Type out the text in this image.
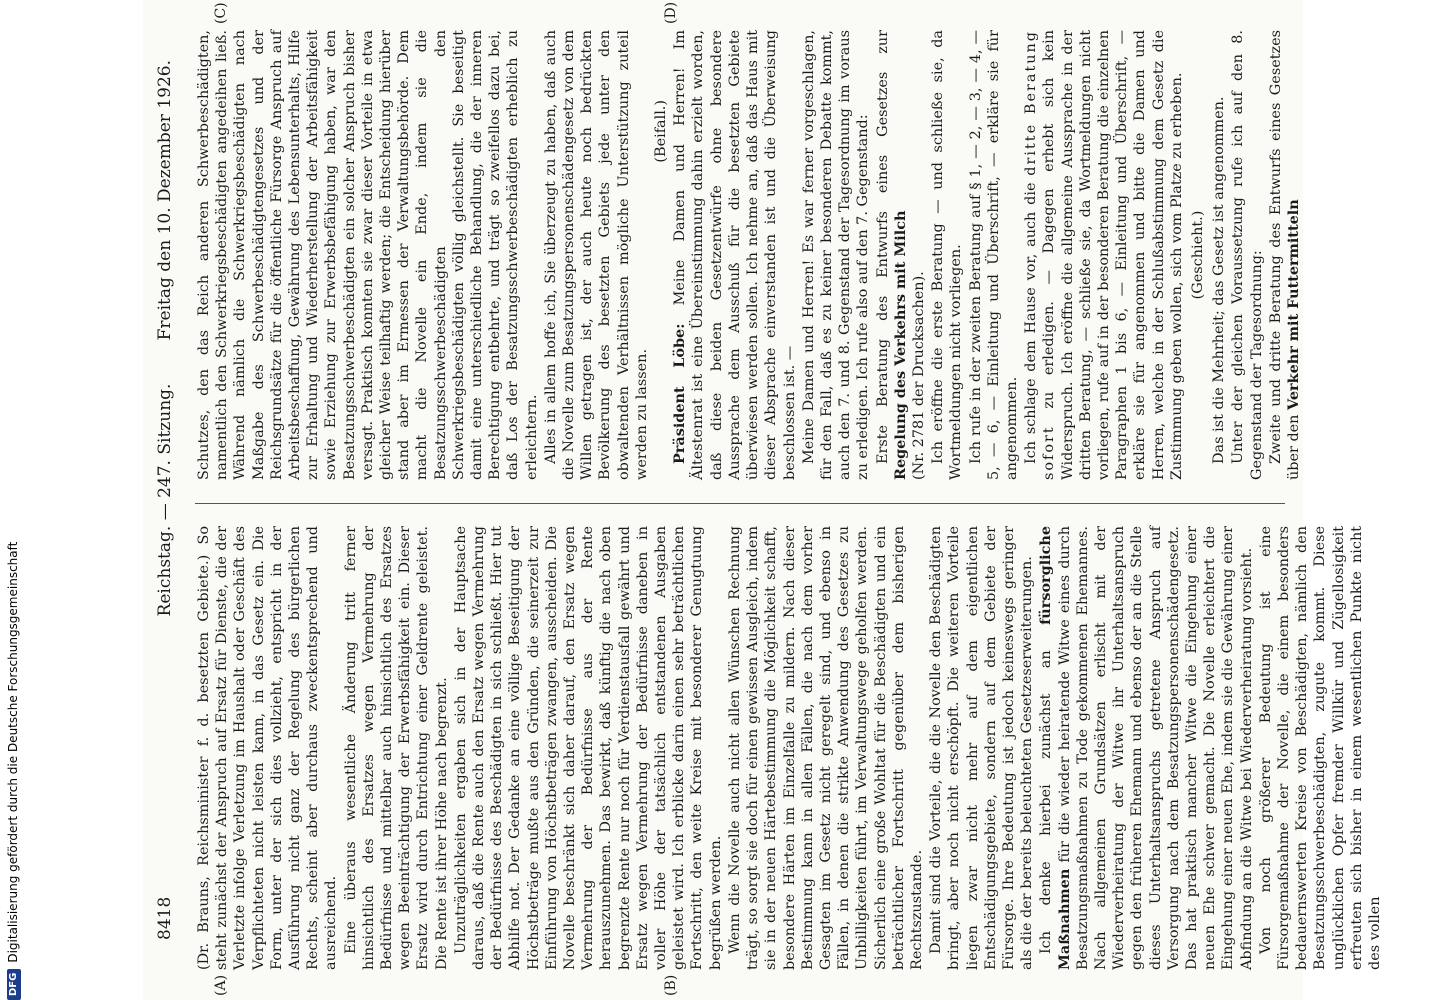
8418
Reichstag. — 247. Sitzung.
Freitag den 10. Dezember 1926.
(A)	(B)
(C)	(D)

(Dr. Brauns, Reichsminister f. d. besetzten Gebiete.) So steht zunächst der Anspruch auf Ersatz für Dienste, die der Verletzte infolge Verletzung im Haushalt oder Geschäft des Verpflichteten nicht leisten kann, in das Gesetz ein. Die Form, unter der sich dies vollzieht, entspricht in der Ausführung nicht ganz der Regelung des bürgerlichen Rechts, scheint aber durchaus zweckentsprechend und ausreichend. Eine überaus wesentliche Änderung tritt ferner hinsichtlich des Ersatzes wegen Vermehrung der Bedürfnisse und mittelbar auch hinsichtlich des Ersatzes wegen Beeinträchtigung der Erwerbsfähigkeit ein. Dieser Ersatz wird durch Entrichtung einer Geldrente geleistet. Die Rente ist ihrer Höhe nach begrenzt. Unzuträglichkeiten ergaben sich in der Hauptsache daraus, daß die Rente auch den Ersatz wegen Vermehrung der Bedürfnisse des Beschädigten in sich schließt. Hier tut Abhilfe not. Der Gedanke an eine völlige Beseitigung der Höchstbeträge mußte aus den Gründen, die seinerzeit zur Einführung von Höchstbeträgen zwangen, ausscheiden. Die Novelle beschränkt sich daher darauf, den Ersatz wegen Vermehrung der Bedürfnisse aus der Rente herauszunehmen. Das bewirkt, daß künftig die nach oben begrenzte Rente nur noch für Verdienstausfall gewährt und Ersatz wegen Vermehrung der Bedürfnisse daneben in voller Höhe der tatsächlich entstandenen Ausgaben geleistet wird. Ich erblicke darin einen sehr beträchtlichen Fortschritt, den weite Kreise mit besonderer Genugtuung begrüßen werden. Wenn die Novelle auch nicht allen Wünschen Rechnung trägt, so sorgt sie doch für einen gewissen Ausgleich, indem sie in der neuen Härtebestimmung die Möglichkeit schafft, besondere Härten im Einzelfalle zu mildern. Nach dieser Bestimmung kann in allen Fällen, die nach dem vorher Gesagten im Gesetz nicht geregelt sind, und ebenso in Fällen, in denen die strikte Anwendung des Gesetzes zu Unbilligkeiten führt, im Verwaltungswege geholfen werden. Sicherlich eine große Wohltat für die Beschädigten und ein beträchtlicher Fortschritt gegenüber dem bisherigen Rechtszustande. Damit sind die Vorteile, die die Novelle den Beschädigten bringt, aber noch nicht erschöpft. Die weiteren Vorteile liegen zwar nicht mehr auf dem eigentlichen Entschädigungsgebiete, sondern auf dem Gebiete der Fürsorge. Ihre Bedeutung ist jedoch keineswegs geringer als die der bereits beleuchteten Gesetzeserweiterungen. Ich denke hierbei zunächst an fürsorgliche Maßnahmen für die wieder heiratende Witwe eines durch Besatzungsmaßnahmen zu Tode gekommenen Ehemannes. Nach allgemeinen Grundsätzen erlischt mit der Wiederverheiratung der Witwe ihr Unterhaltsanspruch gegen den früheren Ehemann und ebenso der an die Stelle dieses Unterhaltsanspruchs getretene Anspruch auf Versorgung nach dem Besatzungspersonenschädengesetz. Das hat praktisch mancher Witwe die Eingehung einer neuen Ehe schwer gemacht. Die Novelle erleichtert die Eingehung einer neuen Ehe, indem sie die Gewährung einer Abfindung an die Witwe bei Wiederverheiratung vorsieht. Von noch größerer Bedeutung ist eine Fürsorgemaßnahme der Novelle, die einem besonders bedauernswerten Kreise von Beschädigten, nämlich den Besatzungsschwerbeschädigten, zugute kommt. Diese unglücklichen Opfer fremder Willkür und Zügellosigkeit erfreuten sich bisher in einem wesentlichen Punkte nicht des vollen

Schutzes, den das Reich anderen Schwerbeschädigten, namentlich den Schwerkriegsbeschädigten angedeihen ließ. Während nämlich die Schwerkriegsbeschädigten nach Maßgabe des Schwerbeschädigtengesetzes und der Reichsgrundsätze für die öffentliche Fürsorge Anspruch auf Arbeitsbeschaffung, Gewährung des Lebensunterhalts, Hilfe zur Erhaltung und Wiederherstellung der Arbeitsfähigkeit sowie Erziehung zur Erwerbsbefähigung haben, war den Besatzungsschwerbeschädigten ein solcher Anspruch bisher versagt. Praktisch konnten sie zwar dieser Vorteile in etwa gleicher Weise teilhaftig werden; die Entscheidung hierüber stand aber im Ermessen der Verwaltungsbehörde. Dem macht die Novelle ein Ende, indem sie die Besatzungsschwerbeschädigten den Schwerkriegsbeschädigten völlig gleichstellt. Sie beseitigt damit eine unterschiedliche Behandlung, die der inneren Berechtigung entbehrte, und trägt so zweifellos dazu bei, daß Los der Besatzungsschwerbeschädigten erheblich zu erleichtern. Alles in allem hoffe ich, Sie überzeugt zu haben, daß auch die Novelle zum Besatzungspersonenschädengesetz von dem Willen getragen ist, der auch heute noch bedrückten Bevölkerung des besetzten Gebiets jede unter den obwaltenden Verhältnissen mögliche Unterstützung zuteil werden zu lassen.

(Beifall.)

Präsident Löbe: Meine Damen und Herren! Im Ältestenrat ist eine Übereinstimmung dahin erzielt worden, daß diese beiden Gesetzentwürfe ohne besondere Aussprache dem Ausschuß für die besetzten Gebiete überwiesen werden sollen. Ich nehme an, daß das Haus mit dieser Absprache einverstanden ist und die Überweisung beschlossen ist. — Meine Damen und Herren! Es war ferner vorgeschlagen, für den Fall, daß es zu keiner besonderen Debatte kommt, auch den 7. und 8. Gegenstand der Tagesordnung im voraus zu erledigen. Ich rufe also auf den 7. Gegenstand: Erste Beratung des Entwurfs eines Gesetzes zur Regelung des Verkehrs mit Milch (Nr. 2781 der Drucksachen). Ich eröffne die erste Beratung — und schließe sie, da Wortmeldungen nicht vorliegen. Ich rufe in der zweiten Beratung auf § 1, — 2, — 3, — 4, — 5, — 6, — Einleitung und Überschrift, — erkläre sie für angenommen. Ich schlage dem Hause vor, auch die dritte Beratung sofort zu erledigen. — Dagegen erhebt sich kein Widerspruch. Ich eröffne die allgemeine Aussprache in der dritten Beratung, — schließe sie, da Wortmeldungen nicht vorliegen, rufe auf in der besonderen Beratung die einzelnen Paragraphen 1 bis 6, — Einleitung und Überschrift, — erkläre sie für angenommen und bitte die Damen und Herren, welche in der Schlußabstimmung dem Gesetz die Zustimmung geben wollen, sich vom Platze zu erheben. (Geschieht.) Das ist die Mehrheit; das Gesetz ist angenommen. Unter der gleichen Voraussetzung rufe ich auf den 8. Gegenstand der Tagesordnung: Zweite und dritte Beratung des Entwurfs eines Gesetzes über den Verkehr mit Futtermitteln

DFGDigitalisierung gefördert durch die Deutsche Forschungsgemeinschaft
